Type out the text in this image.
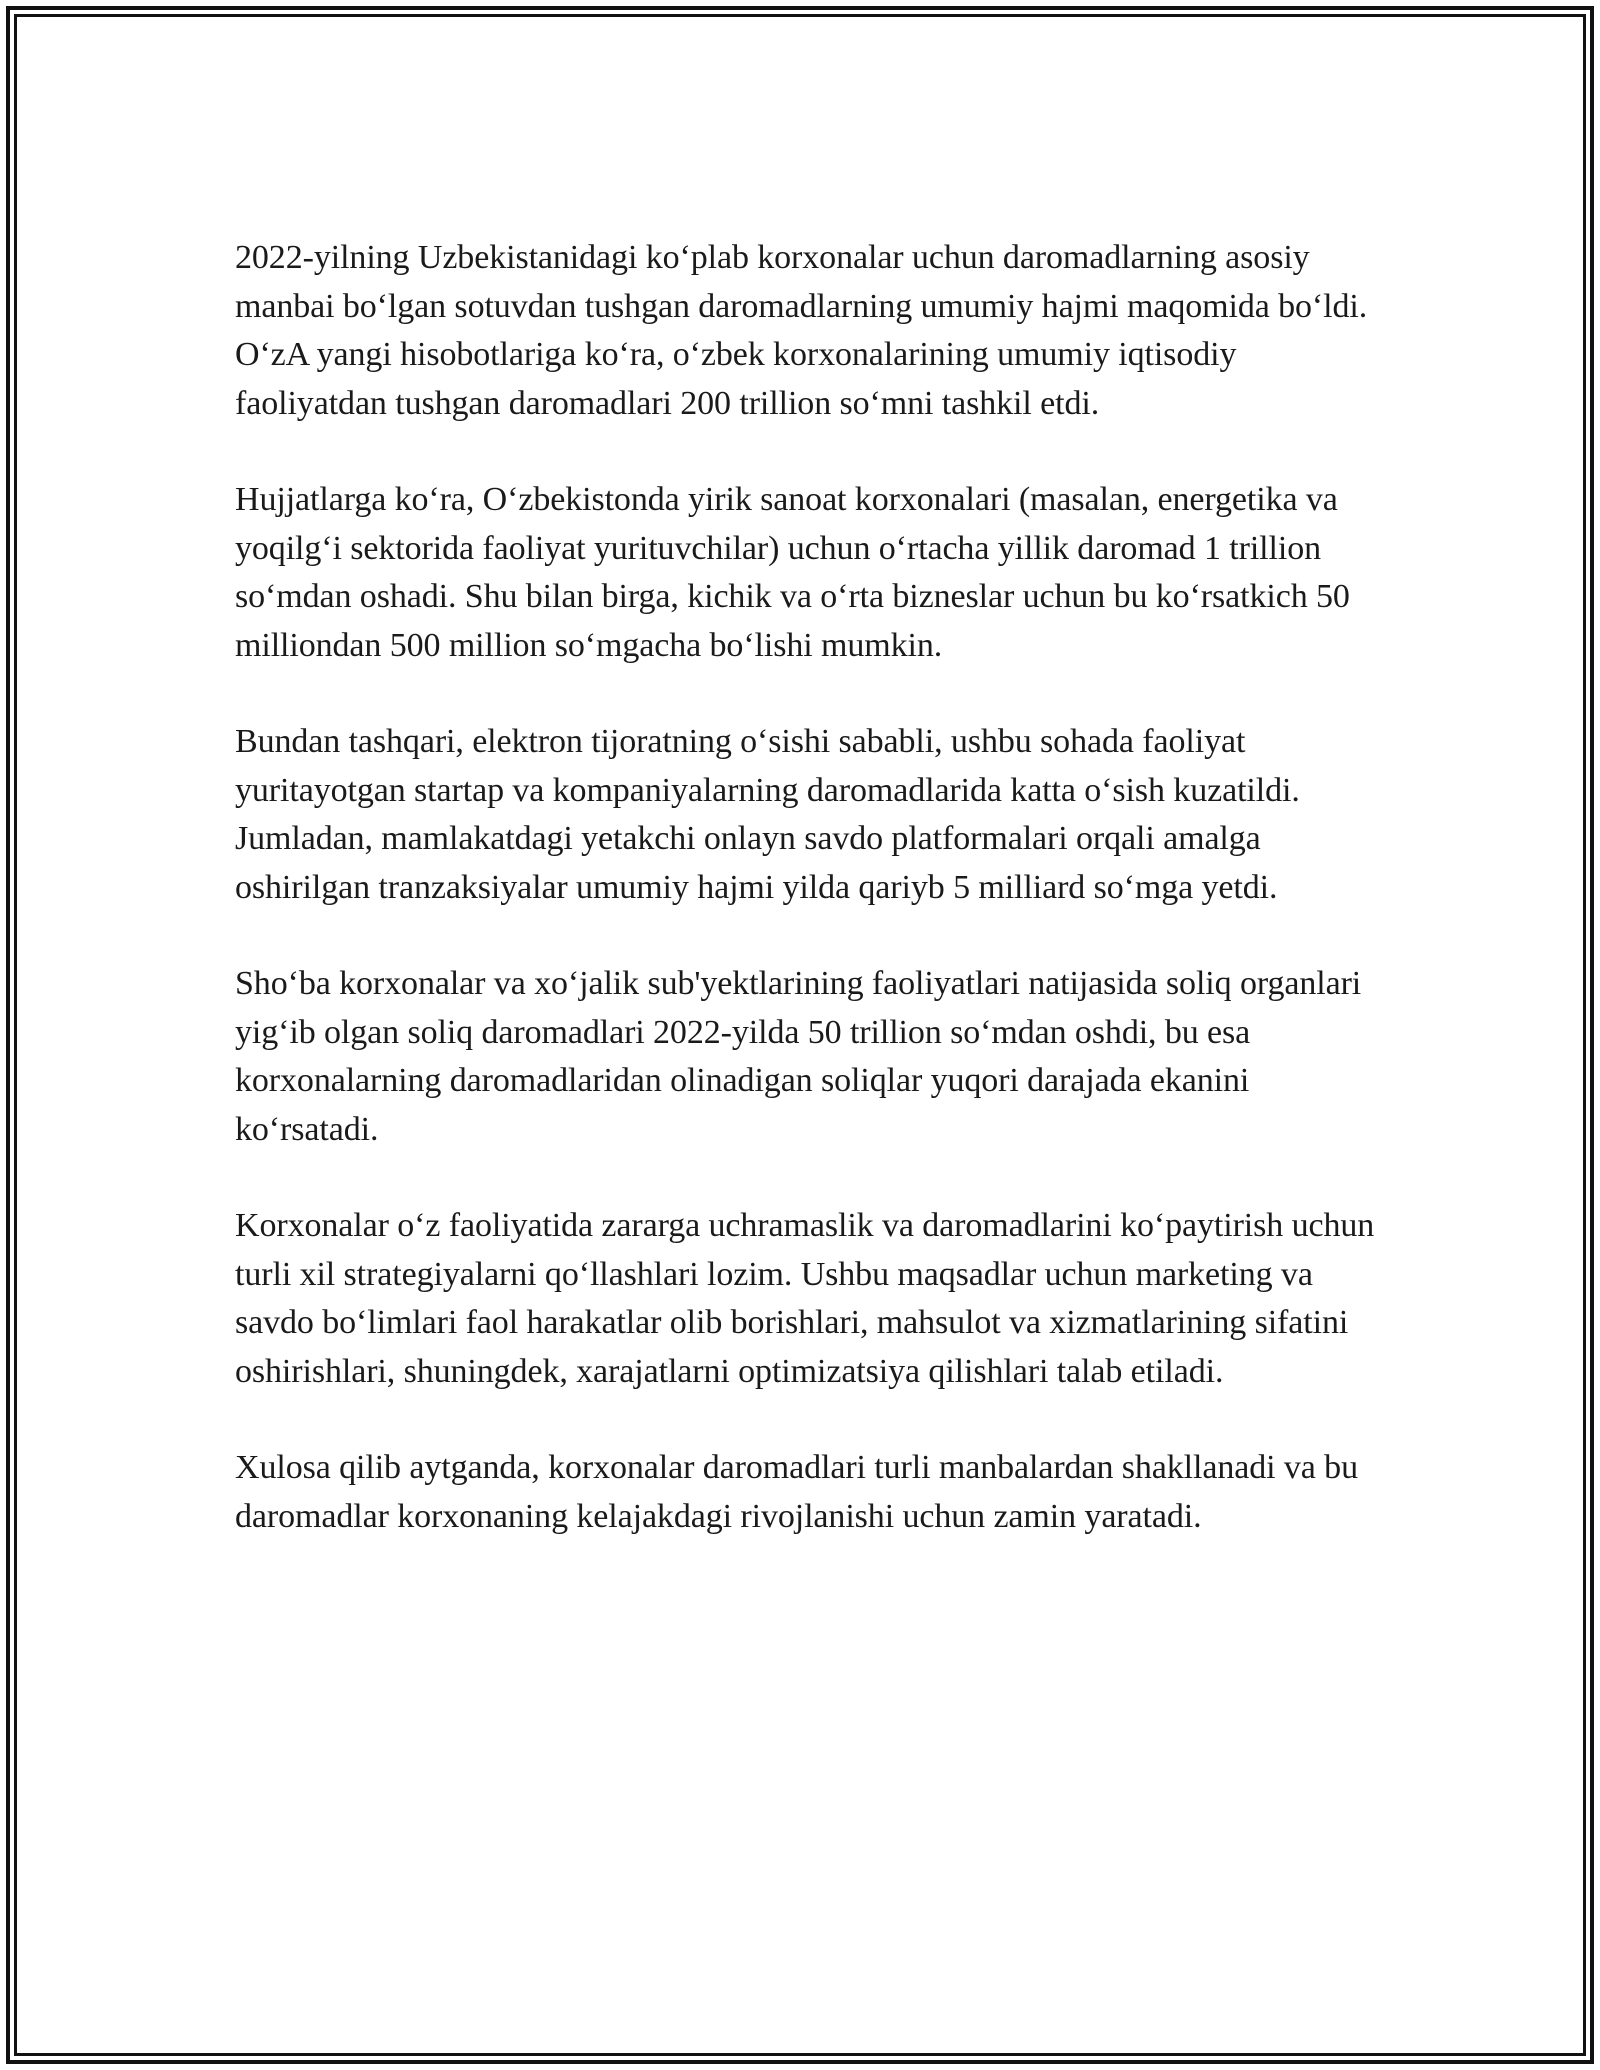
2022-yilning Uzbekistanidagi ko‘plab korxonalar uchun daromadlarning asosiy manbai bo‘lgan sotuvdan tushgan daromadlarning umumiy hajmi maqomida bo‘ldi. O‘zA yangi hisobotlariga ko‘ra, o‘zbek korxonalarining umumiy iqtisodiy faoliyatdan tushgan daromadlari 200 trillion so‘mni tashkil etdi.

Hujjatlarga ko‘ra, O‘zbekistonda yirik sanoat korxonalari (masalan, energetika va yoqilg‘i sektorida faoliyat yurituvchilar) uchun o‘rtacha yillik daromad 1 trillion so‘mdan oshadi. Shu bilan birga, kichik va o‘rta bizneslar uchun bu ko‘rsatkich 50 milliondan 500 million so‘mgacha bo‘lishi mumkin.

Bundan tashqari, elektron tijoratning o‘sishi sababli, ushbu sohada faoliyat yuritayotgan startap va kompaniyalarning daromadlarida katta o‘sish kuzatildi. Jumladan, mamlakatdagi yetakchi onlayn savdo platformalari orqali amalga oshirilgan tranzaksiyalar umumiy hajmi yilda qariyb 5 milliard so‘mga yetdi.

Sho‘ba korxonalar va xo‘jalik sub'yektlarining faoliyatlari natijasida soliq organlari yig‘ib olgan soliq daromadlari 2022-yilda 50 trillion so‘mdan oshdi, bu esa korxonalarning daromadlaridan olinadigan soliqlar yuqori darajada ekanini ko‘rsatadi.

Korxonalar o‘z faoliyatida zararga uchramaslik va daromadlarini ko‘paytirish uchun turli xil strategiyalarni qo‘llashlari lozim. Ushbu maqsadlar uchun marketing va savdo bo‘limlari faol harakatlar olib borishlari, mahsulot va xizmatlarining sifatini oshirishlari, shuningdek, xarajatlarni optimizatsiya qilishlari talab etiladi.

Xulosa qilib aytganda, korxonalar daromadlari turli manbalardan shakllanadi va bu daromadlar korxonaning kelajakdagi rivojlanishi uchun zamin yaratadi.
